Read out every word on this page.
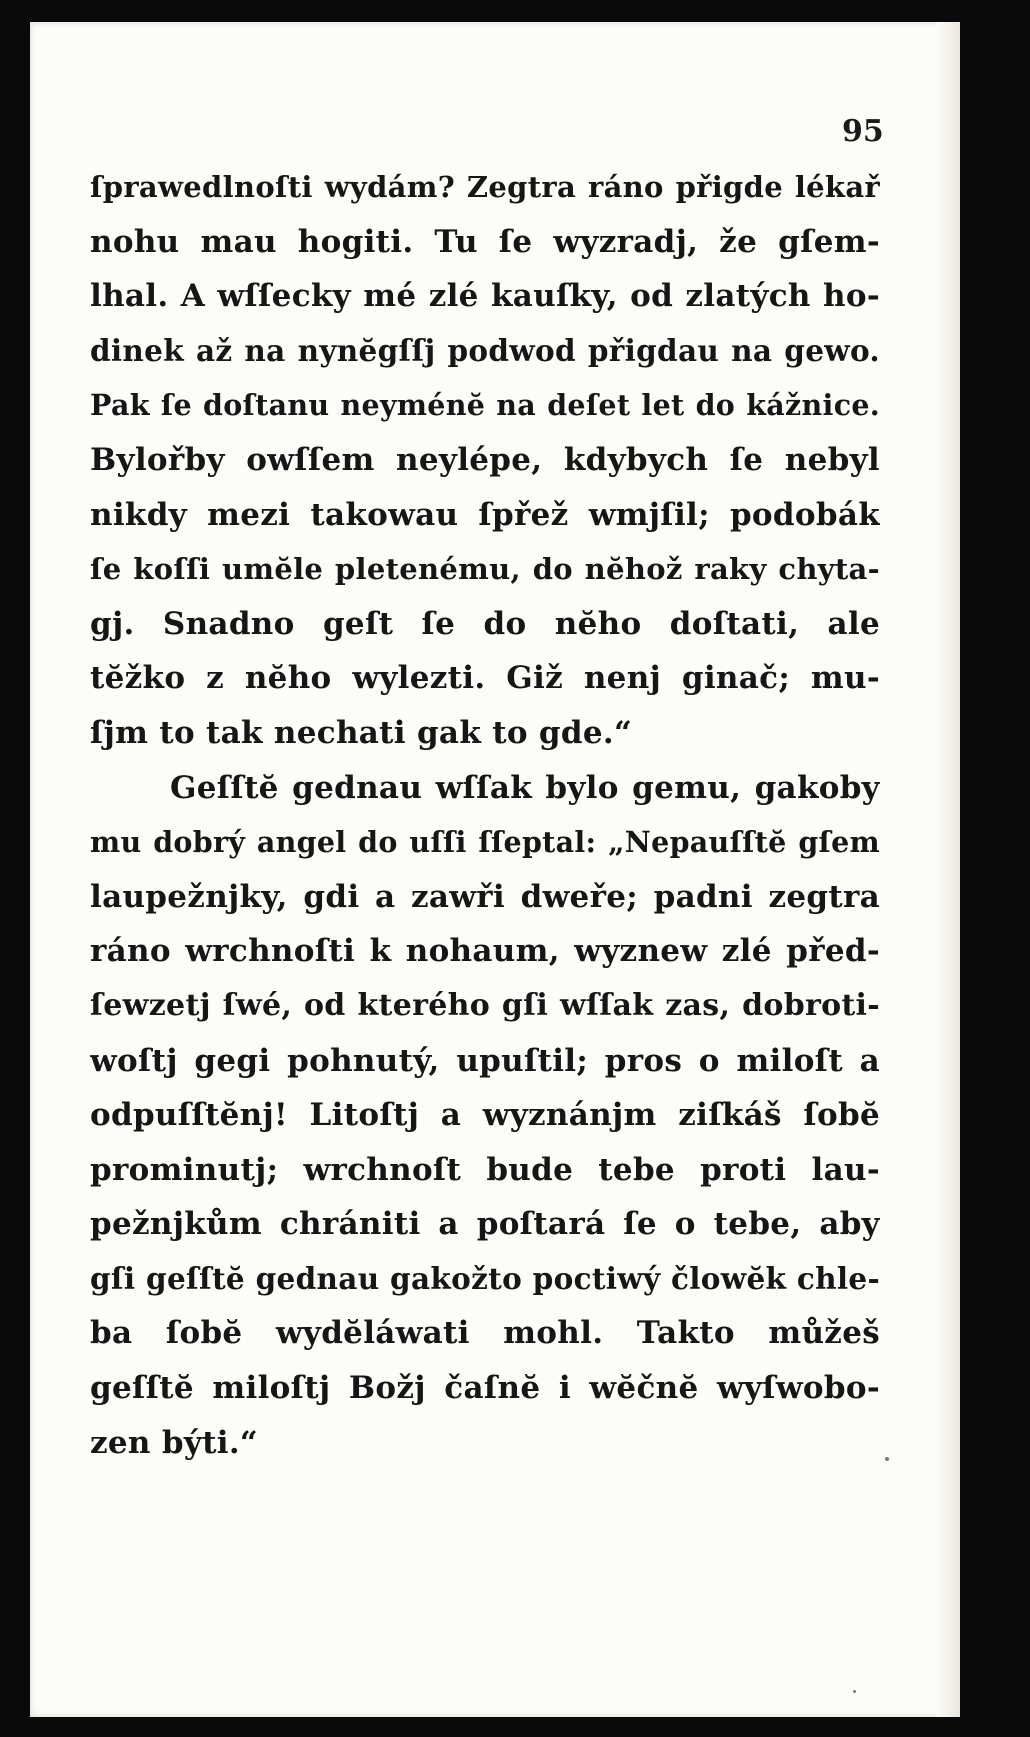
95
ſprawedlnoſti wydám? Zegtra ráno přigde lékař
nohu mau hogiti. Tu ſe wyzradj, že gſem-
lhal. A wſſecky mé zlé kauſky, od zlatých ho-
dinek až na nynĕgſſj podwod přigdau na gewo.
Pak ſe doſtanu neyménĕ na deſet let do kážnice.
Bylořby owſſem neylépe, kdybych ſe nebyl
nikdy mezi takowau ſpřež wmjſil; podobák
ſe koſſi umĕle pletenému, do nĕhož raky chyta-
gj. Snadno geſt ſe do nĕho doſtati, ale
tĕžko z nĕho wylezti. Giž nenj ginač; mu-
ſjm to tak nechati gak to gde.“
Geſſtĕ gednau wſſak bylo gemu, gakoby
mu dobrý angel do uſſi ſſeptal: „Nepauſſtĕ gſem
laupežnjky, gdi a zawři dweře; padni zegtra
ráno wrchnoſti k nohaum, wyznew zlé před-
ſewzetj ſwé, od kterého gſi wſſak zas, dobroti-
woſtj gegi pohnutý, upuſtil; pros o miloſt a
odpuſſtĕnj! Litoſtj a wyznánjm ziſkáš ſobĕ
prominutj; wrchnoſt bude tebe proti lau-
pežnjkům chrániti a poſtará ſe o tebe, aby
gſi geſſtĕ gednau gakožto poctiwý člowĕk chle-
ba ſobĕ wydĕláwati mohl. Takto můžeš
geſſtĕ miloſtj Božj čaſnĕ i wĕčnĕ wyſwobo-
zen býti.“
